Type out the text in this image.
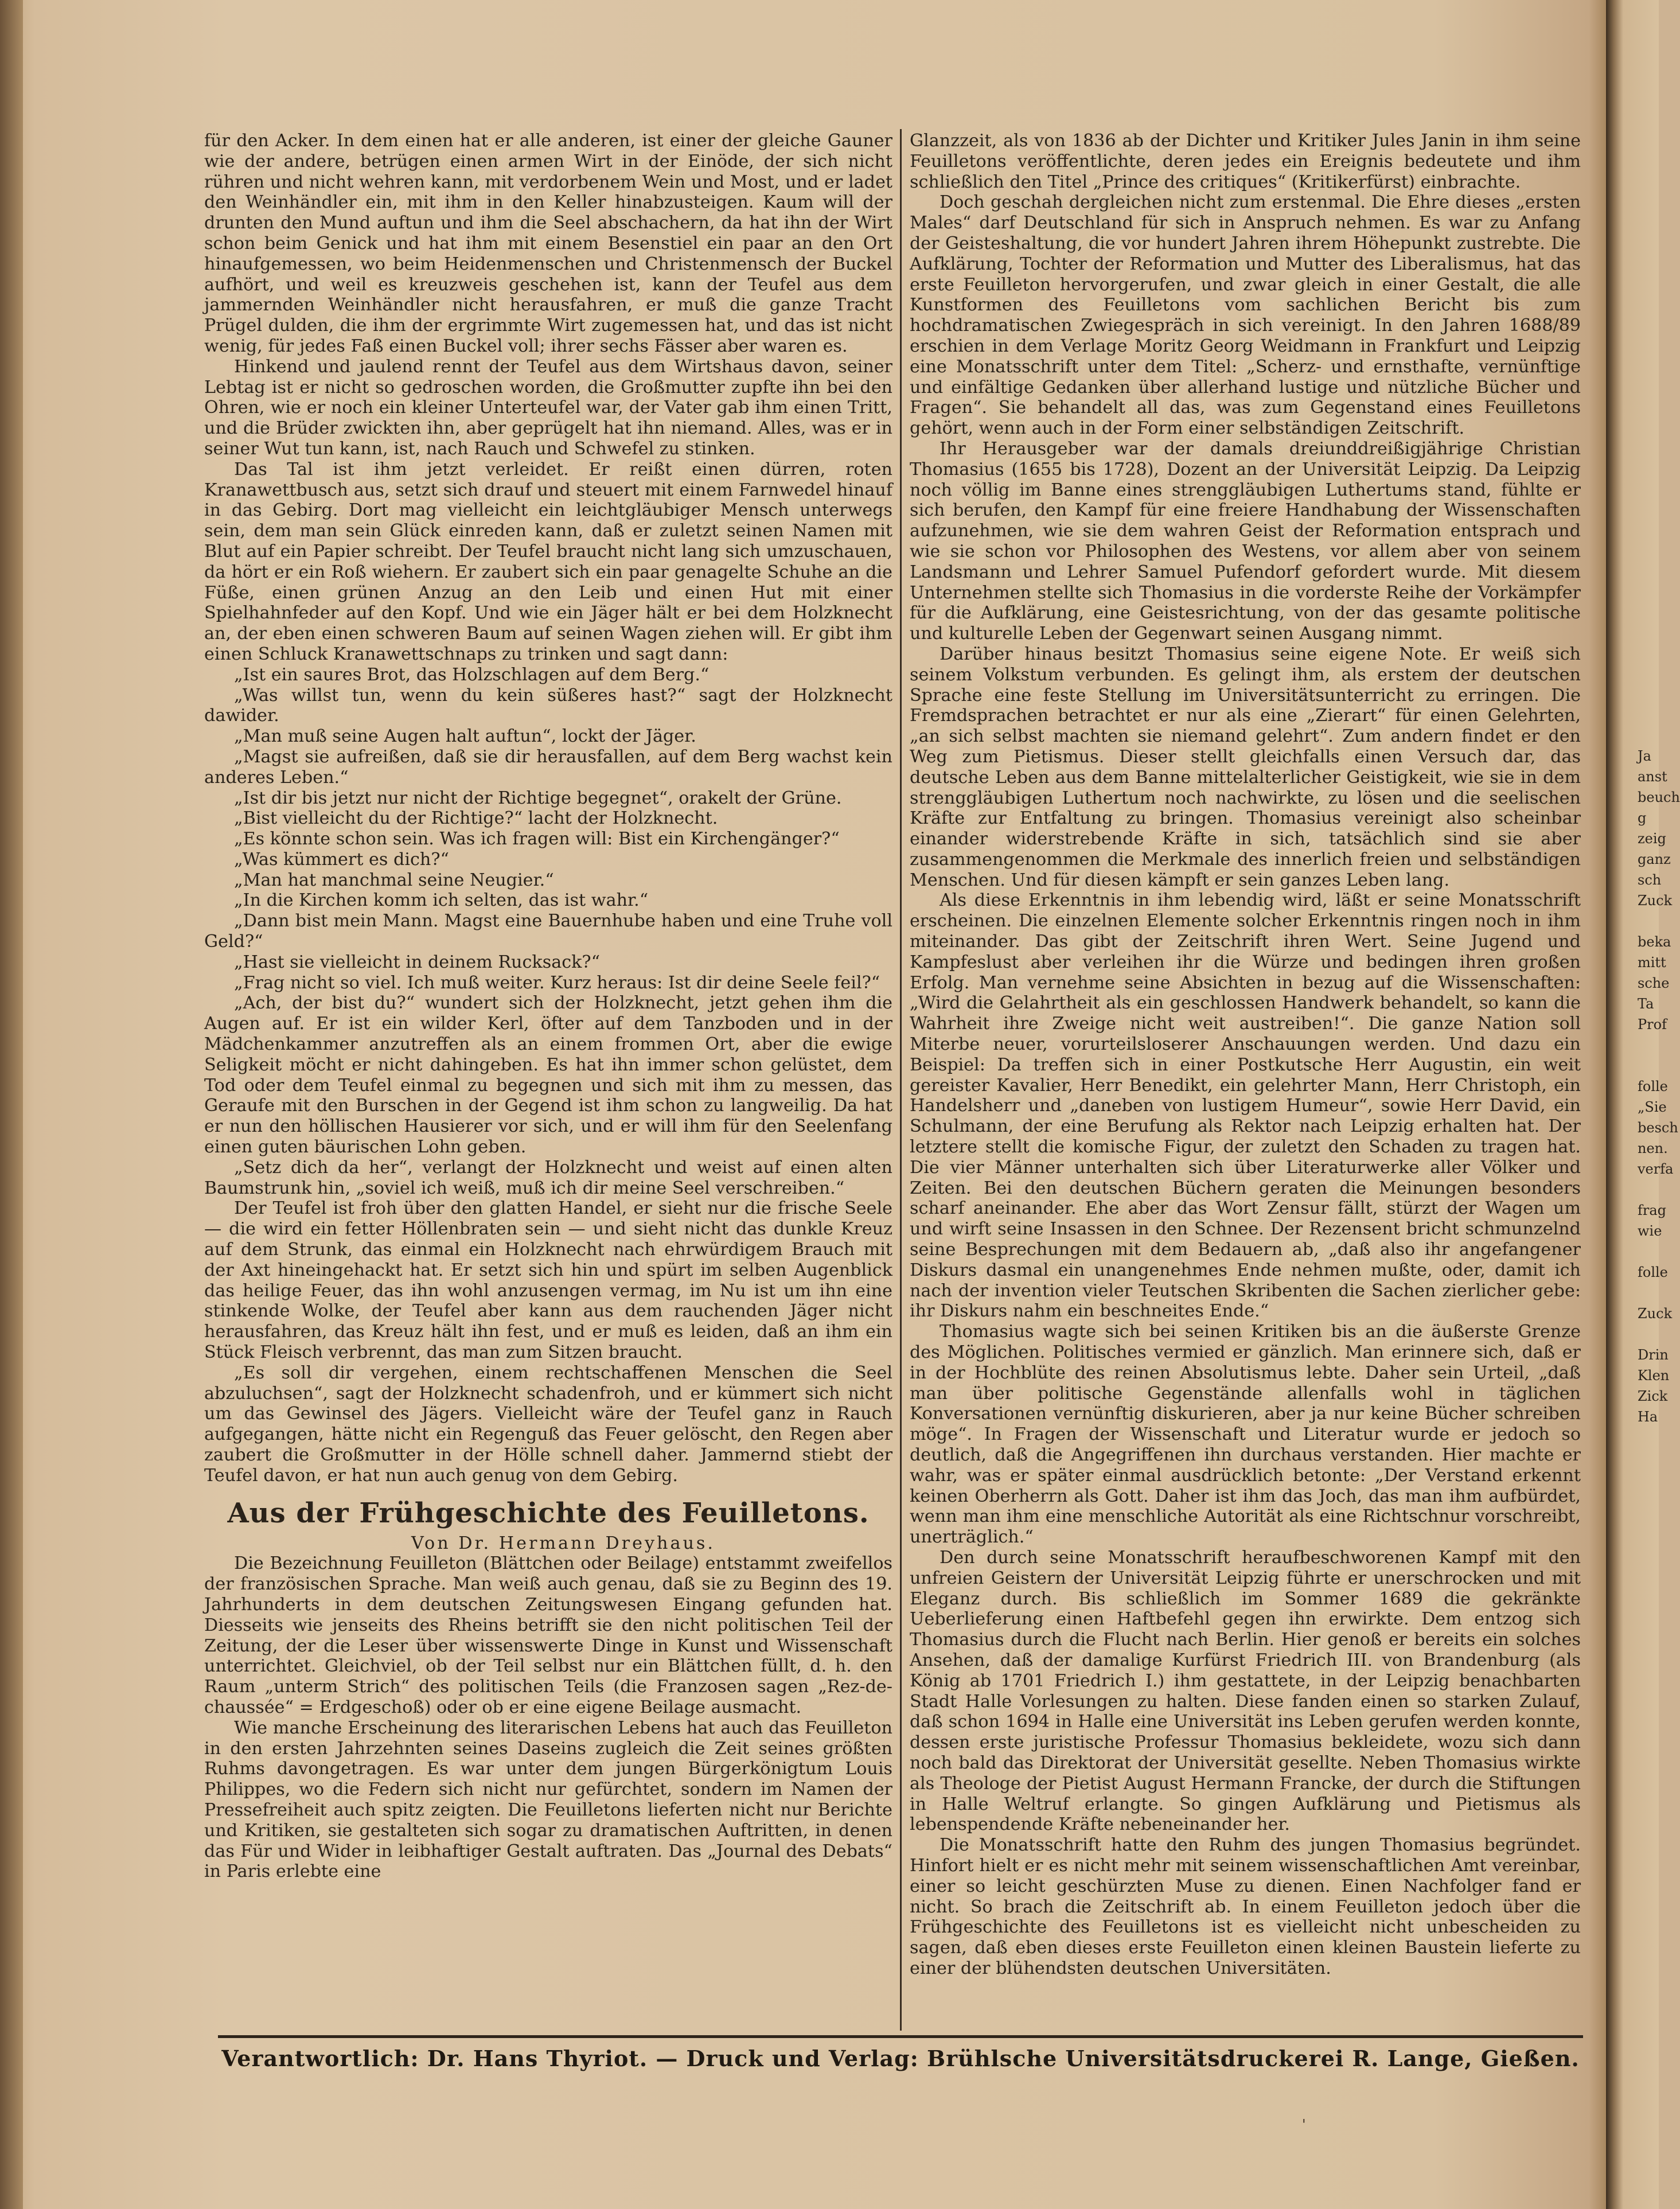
Ja
anst
beuch
g
zeig
ganz
sch
Zuck

beka
mitt
sche
Ta
Prof

folle
„Sie
besch
nen.
verfa

frag
wie

folle

Zuck

Drin
Klen
Zick
Ha

für den Acker. In dem einen hat er alle anderen, ist einer der gleiche Gauner wie der andere, betrügen einen armen Wirt in der Einöde, der sich nicht rühren und nicht wehren kann, mit verdorbenem Wein und Most, und er ladet den Weinhändler ein, mit ihm in den Keller hinabzusteigen. Kaum will der drunten den Mund auftun und ihm die Seel abschachern, da hat ihn der Wirt schon beim Genick und hat ihm mit einem Besenstiel ein paar an den Ort hinaufgemessen, wo beim Heidenmenschen und Christenmensch der Buckel aufhört, und weil es kreuzweis geschehen ist, kann der Teufel aus dem jammernden Weinhändler nicht herausfahren, er muß die ganze Tracht Prügel dulden, die ihm der ergrimmte Wirt zugemessen hat, und das ist nicht wenig, für jedes Faß einen Buckel voll; ihrer sechs Fässer aber waren es.

Hinkend und jaulend rennt der Teufel aus dem Wirtshaus davon, seiner Lebtag ist er nicht so gedroschen worden, die Großmutter zupfte ihn bei den Ohren, wie er noch ein kleiner Unterteufel war, der Vater gab ihm einen Tritt, und die Brüder zwickten ihn, aber geprügelt hat ihn niemand. Alles, was er in seiner Wut tun kann, ist, nach Rauch und Schwefel zu stinken.

Das Tal ist ihm jetzt verleidet. Er reißt einen dürren, roten Kranawettbusch aus, setzt sich drauf und steuert mit einem Farnwedel hinauf in das Gebirg. Dort mag vielleicht ein leichtgläubiger Mensch unterwegs sein, dem man sein Glück einreden kann, daß er zuletzt seinen Namen mit Blut auf ein Papier schreibt. Der Teufel braucht nicht lang sich umzuschauen, da hört er ein Roß wiehern. Er zaubert sich ein paar genagelte Schuhe an die Füße, einen grünen Anzug an den Leib und einen Hut mit einer Spielhahnfeder auf den Kopf. Und wie ein Jäger hält er bei dem Holzknecht an, der eben einen schweren Baum auf seinen Wagen ziehen will. Er gibt ihm einen Schluck Kranawettschnaps zu trinken und sagt dann:

„Ist ein saures Brot, das Holzschlagen auf dem Berg.“

„Was willst tun, wenn du kein süßeres hast?“ sagt der Holzknecht dawider.

„Man muß seine Augen halt auftun“, lockt der Jäger.

„Magst sie aufreißen, daß sie dir herausfallen, auf dem Berg wachst kein anderes Leben.“

„Ist dir bis jetzt nur nicht der Richtige begegnet“, orakelt der Grüne.

„Bist vielleicht du der Richtige?“ lacht der Holzknecht.

„Es könnte schon sein. Was ich fragen will: Bist ein Kirchengänger?“

„Was kümmert es dich?“

„Man hat manchmal seine Neugier.“

„In die Kirchen komm ich selten, das ist wahr.“

„Dann bist mein Mann. Magst eine Bauernhube haben und eine Truhe voll Geld?“

„Hast sie vielleicht in deinem Rucksack?“

„Frag nicht so viel. Ich muß weiter. Kurz heraus: Ist dir deine Seele feil?“

„Ach, der bist du?“ wundert sich der Holzknecht, jetzt gehen ihm die Augen auf. Er ist ein wilder Kerl, öfter auf dem Tanzboden und in der Mädchenkammer anzutreffen als an einem frommen Ort, aber die ewige Seligkeit möcht er nicht dahingeben. Es hat ihn immer schon gelüstet, dem Tod oder dem Teufel einmal zu begegnen und sich mit ihm zu messen, das Geraufe mit den Burschen in der Gegend ist ihm schon zu langweilig. Da hat er nun den höllischen Hausierer vor sich, und er will ihm für den Seelenfang einen guten bäurischen Lohn geben.

„Setz dich da her“, verlangt der Holzknecht und weist auf einen alten Baumstrunk hin, „soviel ich weiß, muß ich dir meine Seel verschreiben.“

Der Teufel ist froh über den glatten Handel, er sieht nur die frische Seele — die wird ein fetter Höllenbraten sein — und sieht nicht das dunkle Kreuz auf dem Strunk, das einmal ein Holzknecht nach ehrwürdigem Brauch mit der Axt hineingehackt hat. Er setzt sich hin und spürt im selben Augenblick das heilige Feuer, das ihn wohl anzusengen vermag, im Nu ist um ihn eine stinkende Wolke, der Teufel aber kann aus dem rauchenden Jäger nicht herausfahren, das Kreuz hält ihn fest, und er muß es leiden, daß an ihm ein Stück Fleisch verbrennt, das man zum Sitzen braucht.

„Es soll dir vergehen, einem rechtschaffenen Menschen die Seel abzuluchsen“, sagt der Holzknecht schadenfroh, und er kümmert sich nicht um das Gewinsel des Jägers. Vielleicht wäre der Teufel ganz in Rauch aufgegangen, hätte nicht ein Regenguß das Feuer gelöscht, den Regen aber zaubert die Großmutter in der Hölle schnell daher. Jammernd stiebt der Teufel davon, er hat nun auch genug von dem Gebirg.

Aus der Frühgeschichte des Feuilletons.

Von Dr. Hermann Dreyhaus.

Die Bezeichnung Feuilleton (Blättchen oder Beilage) entstammt zweifellos der französischen Sprache. Man weiß auch genau, daß sie zu Beginn des 19. Jahrhunderts in dem deutschen Zeitungswesen Eingang gefunden hat. Diesseits wie jenseits des Rheins betrifft sie den nicht politischen Teil der Zeitung, der die Leser über wissenswerte Dinge in Kunst und Wissenschaft unterrichtet. Gleichviel, ob der Teil selbst nur ein Blättchen füllt, d. h. den Raum „unterm Strich“ des politischen Teils (die Franzosen sagen „Rez-de-chaussée“ = Erdgeschoß) oder ob er eine eigene Beilage ausmacht.

Wie manche Erscheinung des literarischen Lebens hat auch das Feuilleton in den ersten Jahrzehnten seines Daseins zugleich die Zeit seines größten Ruhms davongetragen. Es war unter dem jungen Bürgerkönigtum Louis Philippes, wo die Federn sich nicht nur gefürchtet, sondern im Namen der Pressefreiheit auch spitz zeigten. Die Feuilletons lieferten nicht nur Berichte und Kritiken, sie gestalteten sich sogar zu dramatischen Auftritten, in denen das Für und Wider in leibhaftiger Gestalt auftraten. Das „Journal des Debats“ in Paris erlebte eine

Glanzzeit, als von 1836 ab der Dichter und Kritiker Jules Janin in ihm seine Feuilletons veröffentlichte, deren jedes ein Ereignis bedeutete und ihm schließlich den Titel „Prince des critiques“ (Kritikerfürst) einbrachte.

Doch geschah dergleichen nicht zum erstenmal. Die Ehre dieses „ersten Males“ darf Deutschland für sich in Anspruch nehmen. Es war zu Anfang der Geisteshaltung, die vor hundert Jahren ihrem Höhepunkt zustrebte. Die Aufklärung, Tochter der Reformation und Mutter des Liberalismus, hat das erste Feuilleton hervorgerufen, und zwar gleich in einer Gestalt, die alle Kunstformen des Feuilletons vom sachlichen Bericht bis zum hochdramatischen Zwiegespräch in sich vereinigt. In den Jahren 1688/89 erschien in dem Verlage Moritz Georg Weidmann in Frankfurt und Leipzig eine Monatsschrift unter dem Titel: „Scherz- und ernsthafte, vernünftige und einfältige Gedanken über allerhand lustige und nützliche Bücher und Fragen“. Sie behandelt all das, was zum Gegenstand eines Feuilletons gehört, wenn auch in der Form einer selbständigen Zeitschrift.

Ihr Herausgeber war der damals dreiunddreißigjährige Christian Thomasius (1655 bis 1728), Dozent an der Universität Leipzig. Da Leipzig noch völlig im Banne eines strenggläubigen Luthertums stand, fühlte er sich berufen, den Kampf für eine freiere Handhabung der Wissenschaften aufzunehmen, wie sie dem wahren Geist der Reformation entsprach und wie sie schon vor Philosophen des Westens, vor allem aber von seinem Landsmann und Lehrer Samuel Pufendorf gefordert wurde. Mit diesem Unternehmen stellte sich Thomasius in die vorderste Reihe der Vorkämpfer für die Aufklärung, eine Geistesrichtung, von der das gesamte politische und kulturelle Leben der Gegenwart seinen Ausgang nimmt.

Darüber hinaus besitzt Thomasius seine eigene Note. Er weiß sich seinem Volkstum verbunden. Es gelingt ihm, als erstem der deutschen Sprache eine feste Stellung im Universitätsunterricht zu erringen. Die Fremdsprachen betrachtet er nur als eine „Zierart“ für einen Gelehrten, „an sich selbst machten sie niemand gelehrt“. Zum andern findet er den Weg zum Pietismus. Dieser stellt gleichfalls einen Versuch dar, das deutsche Leben aus dem Banne mittelalterlicher Geistigkeit, wie sie in dem strenggläubigen Luthertum noch nachwirkte, zu lösen und die seelischen Kräfte zur Entfaltung zu bringen. Thomasius vereinigt also scheinbar einander widerstrebende Kräfte in sich, tatsächlich sind sie aber zusammengenommen die Merkmale des innerlich freien und selbständigen Menschen. Und für diesen kämpft er sein ganzes Leben lang.

Als diese Erkenntnis in ihm lebendig wird, läßt er seine Monatsschrift erscheinen. Die einzelnen Elemente solcher Erkenntnis ringen noch in ihm miteinander. Das gibt der Zeitschrift ihren Wert. Seine Jugend und Kampfeslust aber verleihen ihr die Würze und bedingen ihren großen Erfolg. Man vernehme seine Absichten in bezug auf die Wissenschaften: „Wird die Gelahrtheit als ein geschlossen Handwerk behandelt, so kann die Wahrheit ihre Zweige nicht weit austreiben!“. Die ganze Nation soll Miterbe neuer, vorurteilsloserer Anschauungen werden. Und dazu ein Beispiel: Da treffen sich in einer Postkutsche Herr Augustin, ein weit gereister Kavalier, Herr Benedikt, ein gelehrter Mann, Herr Christoph, ein Handelsherr und „daneben von lustigem Humeur“, sowie Herr David, ein Schulmann, der eine Berufung als Rektor nach Leipzig erhalten hat. Der letztere stellt die komische Figur, der zuletzt den Schaden zu tragen hat. Die vier Männer unterhalten sich über Literaturwerke aller Völker und Zeiten. Bei den deutschen Büchern geraten die Meinungen besonders scharf aneinander. Ehe aber das Wort Zensur fällt, stürzt der Wagen um und wirft seine Insassen in den Schnee. Der Rezensent bricht schmunzelnd seine Besprechungen mit dem Bedauern ab, „daß also ihr angefangener Diskurs dasmal ein unangenehmes Ende nehmen mußte, oder, damit ich nach der invention vieler Teutschen Skribenten die Sachen zierlicher gebe: ihr Diskurs nahm ein beschneites Ende.“

Thomasius wagte sich bei seinen Kritiken bis an die äußerste Grenze des Möglichen. Politisches vermied er gänzlich. Man erinnere sich, daß er in der Hochblüte des reinen Absolutismus lebte. Daher sein Urteil, „daß man über politische Gegenstände allenfalls wohl in täglichen Konversationen vernünftig diskurieren, aber ja nur keine Bücher schreiben möge“. In Fragen der Wissenschaft und Literatur wurde er jedoch so deutlich, daß die Angegriffenen ihn durchaus verstanden. Hier machte er wahr, was er später einmal ausdrücklich betonte: „Der Verstand erkennt keinen Oberherrn als Gott. Daher ist ihm das Joch, das man ihm aufbürdet, wenn man ihm eine menschliche Autorität als eine Richtschnur vorschreibt, unerträglich.“

Den durch seine Monatsschrift heraufbeschworenen Kampf mit den unfreien Geistern der Universität Leipzig führte er unerschrocken und mit Eleganz durch. Bis schließlich im Sommer 1689 die gekränkte Ueberlieferung einen Haftbefehl gegen ihn erwirkte. Dem entzog sich Thomasius durch die Flucht nach Berlin. Hier genoß er bereits ein solches Ansehen, daß der damalige Kurfürst Friedrich III. von Brandenburg (als König ab 1701 Friedrich I.) ihm gestattete, in der Leipzig benachbarten Stadt Halle Vorlesungen zu halten. Diese fanden einen so starken Zulauf, daß schon 1694 in Halle eine Universität ins Leben gerufen werden konnte, dessen erste juristische Professur Thomasius bekleidete, wozu sich dann noch bald das Direktorat der Universität gesellte. Neben Thomasius wirkte als Theologe der Pietist August Hermann Francke, der durch die Stiftungen in Halle Weltruf erlangte. So gingen Aufklärung und Pietismus als lebenspendende Kräfte nebeneinander her.

Die Monatsschrift hatte den Ruhm des jungen Thomasius begründet. Hinfort hielt er es nicht mehr mit seinem wissenschaftlichen Amt vereinbar, einer so leicht geschürzten Muse zu dienen. Einen Nachfolger fand er nicht. So brach die Zeitschrift ab. In einem Feuilleton jedoch über die Frühgeschichte des Feuilletons ist es vielleicht nicht unbescheiden zu sagen, daß eben dieses erste Feuilleton einen kleinen Baustein lieferte zu einer der blühendsten deutschen Universitäten.

Verantwortlich: Dr. Hans Thyriot. — Druck und Verlag: Brühlsche Universitätsdruckerei R. Lange, Gießen.
'
